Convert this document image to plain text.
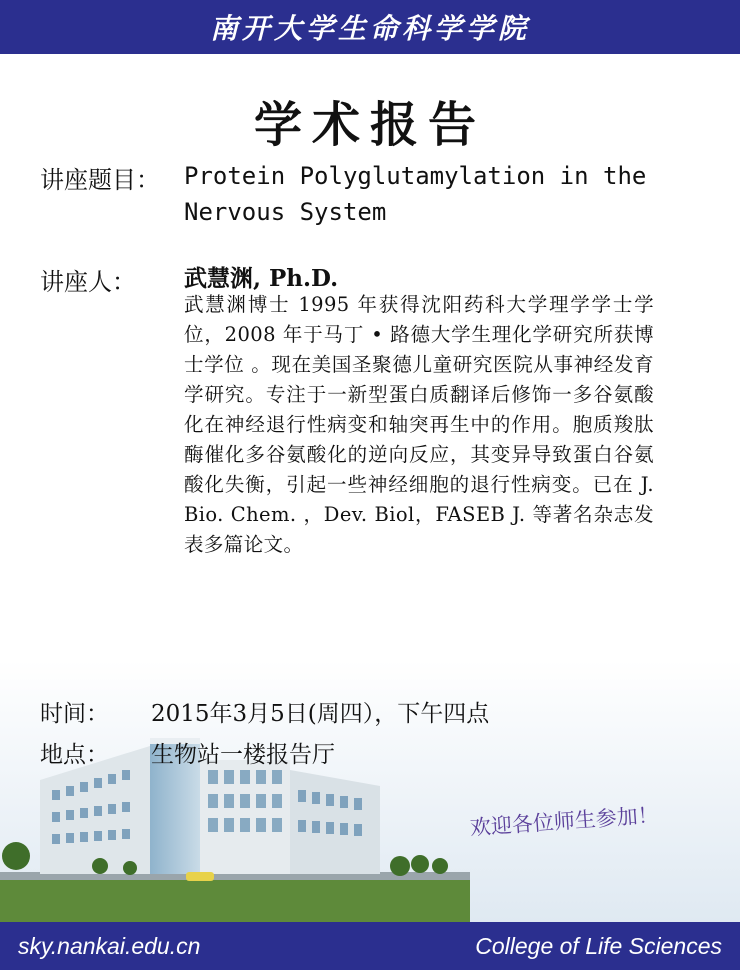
南开大学生命科学学院
学术报告
讲座题目： Protein Polyglutamylation in the Nervous System
讲座人： 武慧渊, Ph.D.
武慧渊博士 1995 年获得沈阳药科大学理学学士学位，2008 年于马丁 • 路德大学生理化学研究所获博士学位 。现在美国圣聚德儿童研究医院从事神经发育学研究。专注于一新型蛋白质翻译后修饰一多谷氨酸化在神经退行性病变和轴突再生中的作用。胞质羧肽酶催化多谷氨酸化的逆向反应，其变异导致蛋白谷氨酸化失衡，引起一些神经细胞的退行性病变。已在 J. Bio. Chem. ，Dev. Biol，FASEB J. 等著名杂志发表多篇论文。
时间： 2015年3月5日(周四），下午四点
地点： 生物站一楼报告厅
欢迎各位师生参加！
sky.nankai.edu.cn	College of Life Sciences
